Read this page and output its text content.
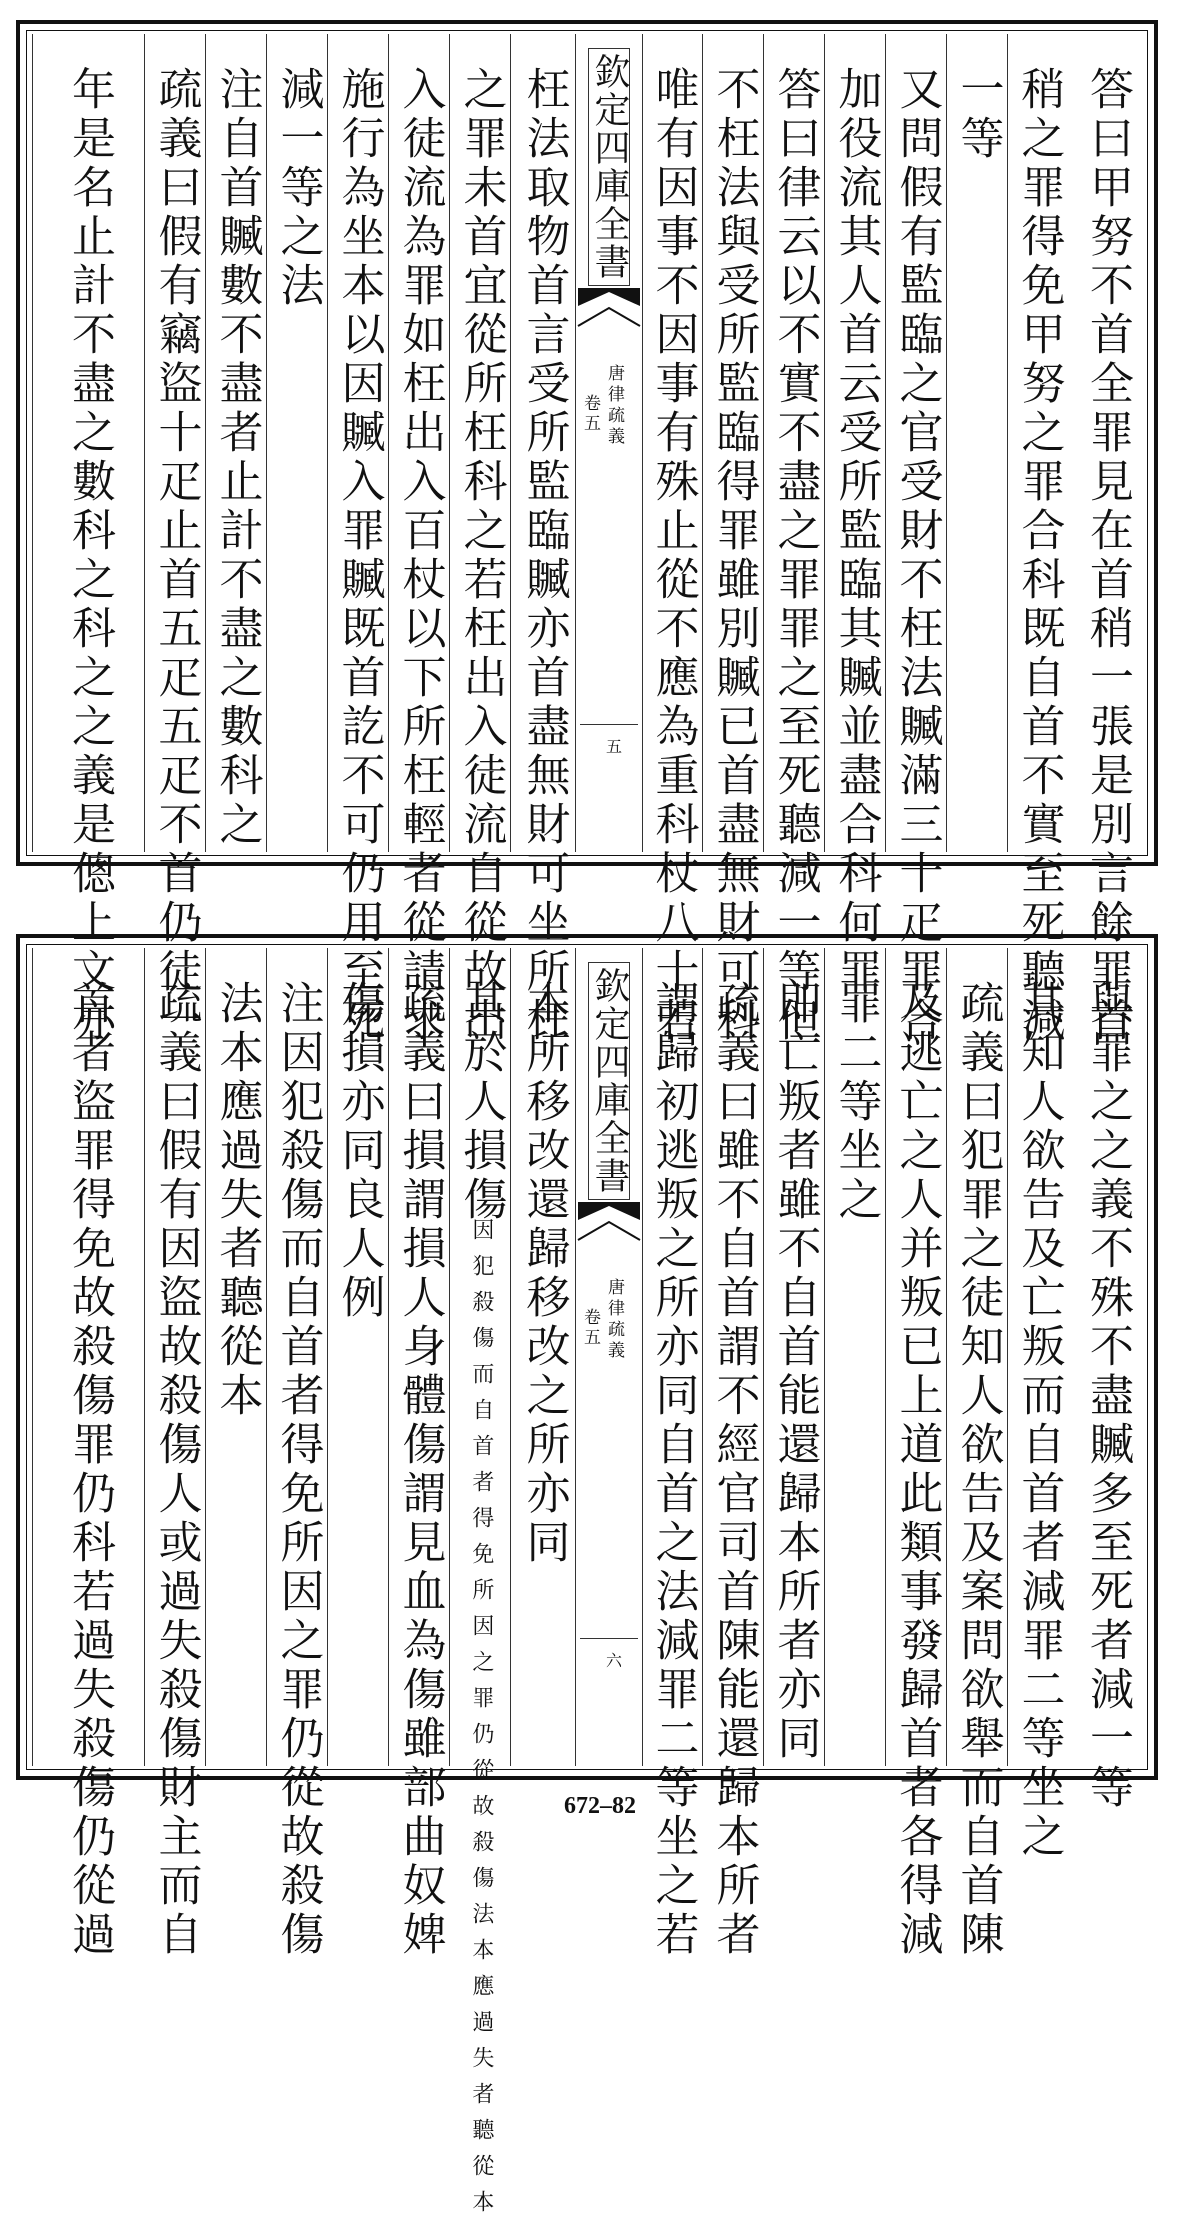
答曰甲努不首全罪見在首稍一張是別言餘罪首
稍之罪得免甲努之罪合科既自首不實至死聽減
一等
又問假有監臨之官受財不枉法贓滿三十疋罪合
加役流其人首云受所監臨其贓並盡合科何罪
答曰律云以不實不盡之罪罪之至死聽減一等但
不枉法與受所監臨得罪雖別贓已首盡無財可科
唯有因事不因事有殊止從不應為重科杖八十若
欽定四庫全書
唐律疏義
卷五
五
枉法取物首言受所監臨贓亦首盡無財可坐所枉
之罪未首宜從所枉科之若枉出入徒流自從故出
入徒流為罪如枉出入百杖以下所枉輕者從請求
施行為坐本以因贓入罪贓既首訖不可仍用至死
減一等之法
注自首贓數不盡者止計不盡之數科之
疏義曰假有竊盜十疋止首五疋五疋不首仍徒一
年是名止計不盡之數科之科之之義是傯上文亦
與罪之之義不殊不盡贓多至死者減一等
其知人欲告及亡叛而自首者減罪二等坐之
疏義曰犯罪之徒知人欲告及案問欲舉而自首陳
及逃亡之人并叛已上道此類事發歸首者各得減
罪二等坐之
即亡叛者雖不自首能還歸本所者亦同
疏義曰雖不自首謂不經官司首陳能還歸本所者
謂歸初逃叛之所亦同自首之法減罪二等坐之若
欽定四庫全書
唐律疏義
卷五
六
本所移改還歸移改之所亦同
其於人損傷
因犯殺傷而自首者得免所因之罪仍從故殺傷法本應過失者聽從本
疏義曰損謂損人身體傷謂見血為傷雖部曲奴婢
傷損亦同良人例
注因犯殺傷而自首者得免所因之罪仍從故殺傷
法本應過失者聽從本
疏義曰假有因盜故殺傷人或過失殺傷財主而自
首者盜罪得免故殺傷罪仍科若過失殺傷仍從過	672–82
